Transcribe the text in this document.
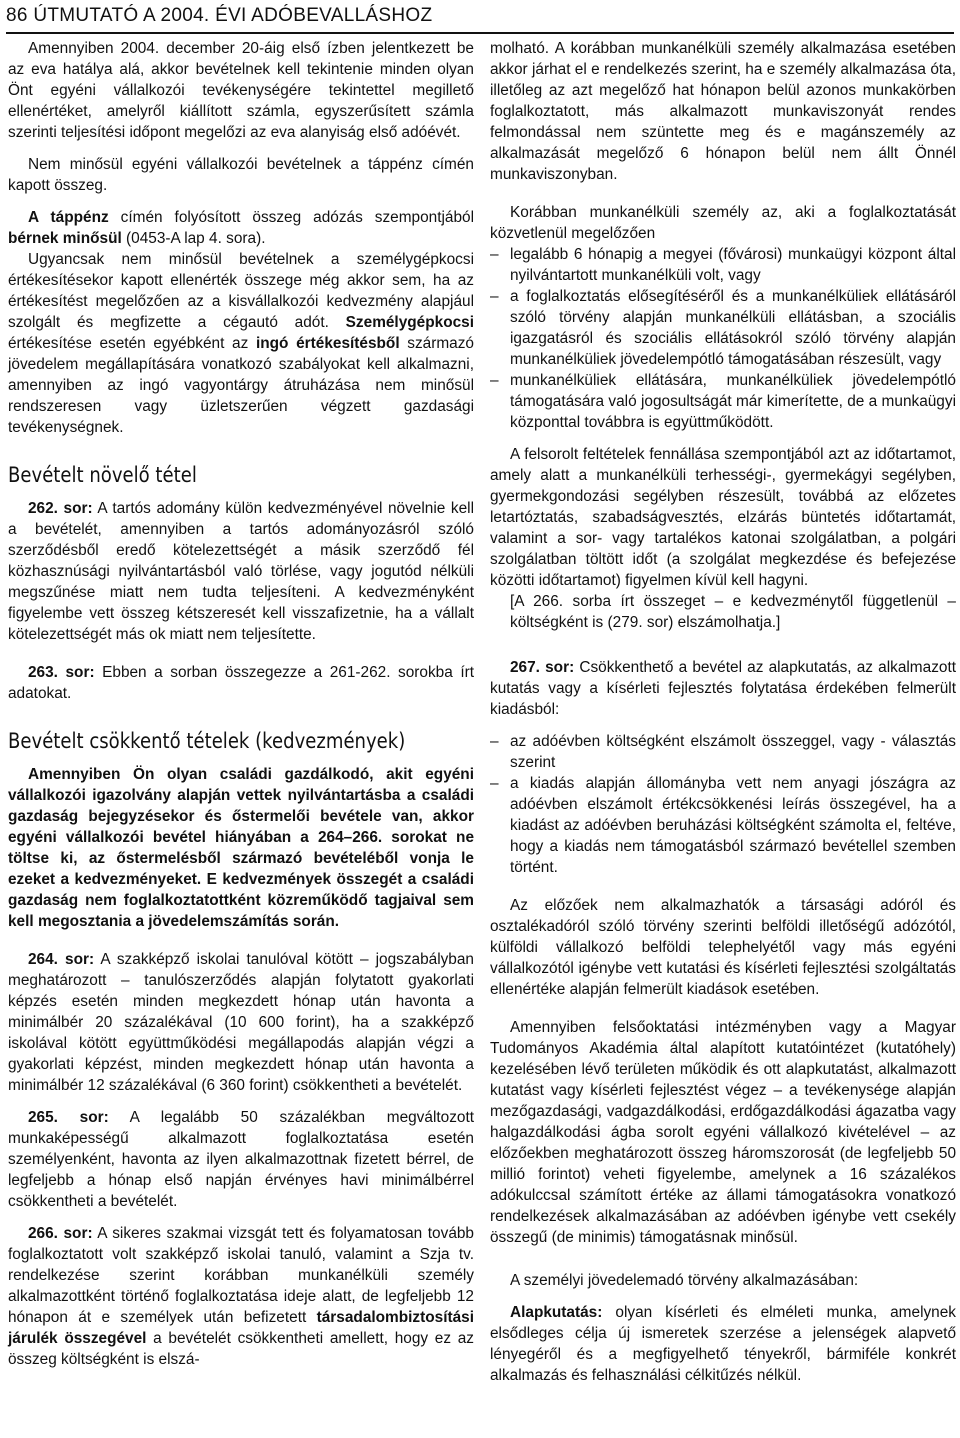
86 ÚTMUTATÓ A 2004. ÉVI ADÓBEVALLÁSHOZ

Amennyiben 2004. december 20-áig első ízben jelentkezett be az eva hatálya alá, akkor bevételnek kell tekintenie minden olyan Önt egyéni vállalkozói tevékenységére tekintettel megillető ellenértéket, amelyről kiállított számla, egyszerűsített számla szerinti teljesítési időpont megelőzi az eva alanyiság első adóévét.

Nem minősül egyéni vállalkozói bevételnek a táppénz címén kapott összeg.

A táppénz címén folyósított összeg adózás szempontjából bérnek minősül (0453-A lap 4. sora).

Ugyancsak nem minősül bevételnek a személygépkocsi értékesítésekor kapott ellenérték összege még akkor sem, ha az értékesítést megelőzően az a kisvállalkozói kedvezmény alapjául szolgált és megfizette a cégautó adót. Személygépkocsi értékesítése esetén egyébként az ingó értékesítésből származó jövedelem megállapítására vonatkozó szabályokat kell alkalmazni, amennyiben az ingó vagyontárgy átruházása nem minősül rendszeresen vagy üzletszerűen végzett gazdasági tevékenységnek.

Bevételt növelő tétel

262. sor: A tartós adomány külön kedvezményével növelnie kell a bevételét, amennyiben a tartós adományozásról szóló szerződésből eredő kötelezettségét a másik szerződő fél közhasznúsági nyilvántartásból való törlése, vagy jogutód nélküli megszűnése miatt nem tudta teljesíteni. A kedvezményként figyelembe vett összeg kétszeresét kell visszafizetnie, ha a vállalt kötelezettségét más ok miatt nem teljesítette.

263. sor: Ebben a sorban összegezze a 261-262. sorokba írt adatokat.

Bevételt csökkentő tételek (kedvezmények)

Amennyiben Ön olyan családi gazdálkodó, akit egyéni vállalkozói igazolvány alapján vettek nyilvántartásba a családi gazdaság bejegyzésekor és őstermelői bevétele van, akkor egyéni vállalkozói bevétel hiányában a 264–266. sorokat ne töltse ki, az őstermelésből származó bevételéből vonja le ezeket a kedvezményeket. E kedvezmények összegét a családi gazdaság nem foglalkoztatottként közreműködő tagjaival sem kell megosztania a jövedelemszámítás során.

264. sor: A szakképző iskolai tanulóval kötött – jogszabályban meghatározott – tanulószerződés alapján folytatott gyakorlati képzés esetén minden megkezdett hónap után havonta a minimálbér 20 százalékával (10 600 forint), ha a szakképző iskolával kötött együttműködési megállapodás alapján végzi a gyakorlati képzést, minden megkezdett hónap után havonta a minimálbér 12 százalékával (6 360 forint) csökkentheti a bevételét.

265. sor: A legalább 50 százalékban megváltozott munkaképességű alkalmazott foglalkoztatása esetén személyenként, havonta az ilyen alkalmazottnak fizetett bérrel, de legfeljebb a hónap első napján érvényes havi minimálbérrel csökkentheti a bevételét.

266. sor: A sikeres szakmai vizsgát tett és folyamatosan tovább foglalkoztatott volt szakképző iskolai tanuló, valamint a Szja tv. rendelkezése szerint korábban munkanélküli személy alkalmazottként történő foglalkoztatása ideje alatt, de legfeljebb 12 hónapon át e személyek után befizetett társadalombiztosítási járulék összegével a bevételét csökkentheti amellett, hogy ez az összeg költségként is elszá-

molható. A korábban munkanélküli személy alkalmazása esetében akkor járhat el e rendelkezés szerint, ha e személy alkalmazása óta, illetőleg az azt megelőző hat hónapon belül azonos munkakörben foglalkoztatott, más alkalmazott munkaviszonyát rendes felmondással nem szüntette meg és e magánszemély az alkalmazását megelőző 6 hónapon belül nem állt Önnél munkaviszonyban.

Korábban munkanélküli személy az, aki a foglalkoztatását közvetlenül megelőzően

– legalább 6 hónapig a megyei (fővárosi) munkaügyi központ által nyilvántartott munkanélküli volt, vagy
– a foglalkoztatás elősegítéséről és a munkanélküliek ellátásáról szóló törvény alapján munkanélküli ellátásban, a szociális igazgatásról és szociális ellátásokról szóló törvény alapján munkanélküliek jövedelempótló támogatásában részesült, vagy
– munkanélküliek ellátására, munkanélküliek jövedelempótló támogatására való jogosultságát már kimerítette, de a munkaügyi központtal továbbra is együttműködött.

A felsorolt feltételek fennállása szempontjából azt az időtartamot, amely alatt a munkanélküli terhességi-, gyermekágyi segélyben, gyermekgondozási segélyben részesült, továbbá az előzetes letartóztatás, szabadságvesztés, elzárás büntetés időtartamát, valamint a sor- vagy tartalékos katonai szolgálatban, a polgári szolgálatban töltött időt (a szolgálat megkezdése és befejezése közötti időtartamot) figyelmen kívül kell hagyni.

[A 266. sorba írt összeget – e kedvezménytől függetlenül – költségként is (279. sor) elszámolhatja.]

267. sor: Csökkenthető a bevétel az alapkutatás, az alkalmazott kutatás vagy a kísérleti fejlesztés folytatása érdekében felmerült kiadásból:

– az adóévben költségként elszámolt összeggel, vagy - választás szerint
– a kiadás alapján állományba vett nem anyagi jószágra az adóévben elszámolt értékcsökkenési leírás összegével, ha a kiadást az adóévben beruházási költségként számolta el, feltéve, hogy a kiadás nem támogatásból származó bevétellel szemben történt.

Az előzőek nem alkalmazhatók a társasági adóról és osztalékadóról szóló törvény szerinti belföldi illetőségű adózótól, külföldi vállalkozó belföldi telephelyétől vagy más egyéni vállalkozótól igénybe vett kutatási és kísérleti fejlesztési szolgáltatás ellenértéke alapján felmerült kiadások esetében.

Amennyiben felsőoktatási intézményben vagy a Magyar Tudományos Akadémia által alapított kutatóintézet (kutatóhely) kezelésében lévő területen működik és ott alapkutatást, alkalmazott kutatást vagy kísérleti fejlesztést végez – a tevékenysége alapján mezőgazdasági, vadgazdálkodási, erdőgazdálkodási ágazatba vagy halgazdálkodási ágba sorolt egyéni vállalkozó kivételével – az előzőekben meghatározott összeg háromszorosát (de legfeljebb 50 millió forintot) veheti figyelembe, amelynek a 16 százalékos adókulccsal számított értéke az állami támogatásokra vonatkozó rendelkezések alkalmazásában az adóévben igénybe vett csekély összegű (de minimis) támogatásnak minősül.

A személyi jövedelemadó törvény alkalmazásában:

Alapkutatás: olyan kísérleti és elméleti munka, amelynek elsődleges célja új ismeretek szerzése a jelenségek alapvető lényegéről és a megfigyelhető tényekről, bármiféle konkrét alkalmazás és felhasználási célkitűzés nélkül.
